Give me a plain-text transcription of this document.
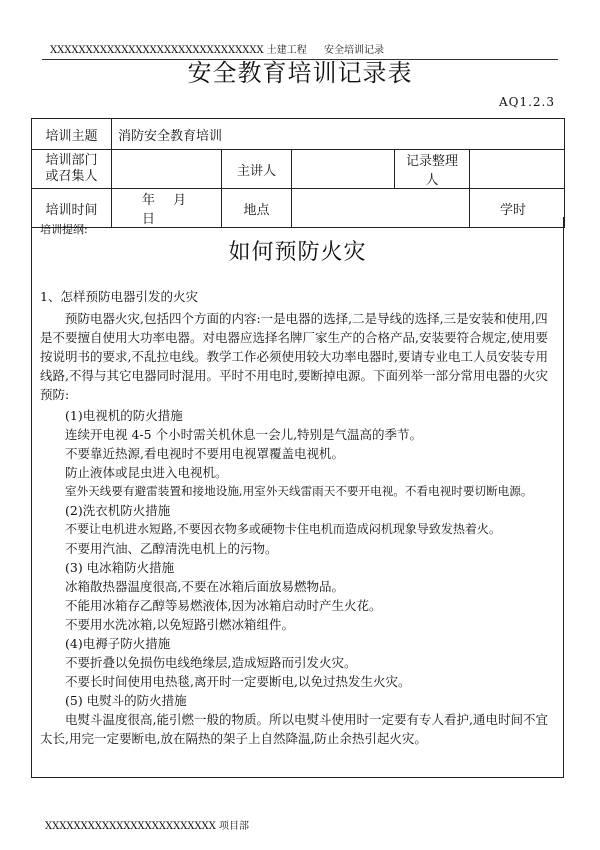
XXXXXXXXXXXXXXXXXXXXXXXXXXXXXX 土建工程 安全培训记录
安全教育培训记录表
AQ1.2.3
培训主题	消防安全教育培训				
培训部门
或召集人		主讲人		记录整理人	
培训时间	年 月 日	地点			学时
培训提纲:
如何预防火灾

1、怎样预防电器引发的火灾

预防电器火灾,包括四个方面的内容:一是电器的选择,二是导线的选择,三是安装和使用,四是不要擅自使用大功率电器。对电器应选择名牌厂家生产的合格产品,安装要符合规定,使用要按说明书的要求,不乱拉电线。教学工作必须使用较大功率电器时,要请专业电工人员安装专用线路,不得与其它电器同时混用。平时不用电时,要断掉电源。下面列举一部分常用电器的火灾预防:

(1)电视机的防火措施

连续开电视 4-5 个小时需关机休息一会儿,特别是气温高的季节。

不要靠近热源,看电视时不要用电视罩覆盖电视机。

防止液体或昆虫进入电视机。

室外天线要有避雷装置和接地设施,用室外天线雷雨天不要开电视。不看电视时要切断电源。

(2)洗衣机防火措施

不要让电机进水短路,不要因衣物多或硬物卡住电机而造成闷机现象导致发热着火。

不要用汽油、乙醇清洗电机上的污物。

(3) 电冰箱防火措施

冰箱散热器温度很高,不要在冰箱后面放易燃物品。

不能用冰箱存乙醇等易燃液体,因为冰箱启动时产生火花。

不要用水洗冰箱,以免短路引燃冰箱组件。

(4)电褥子防火措施

不要折叠以免损伤电线绝缘层,造成短路而引发火灾。

不要长时间使用电热毯,离开时一定要断电,以免过热发生火灾。

(5) 电熨斗的防火措施

电熨斗温度很高,能引燃一般的物质。所以电熨斗使用时一定要有专人看护,通电时间不宜太长,用完一定要断电,放在隔热的架子上自然降温,防止余热引起火灾。

XXXXXXXXXXXXXXXXXXXXXXXX 项目部
